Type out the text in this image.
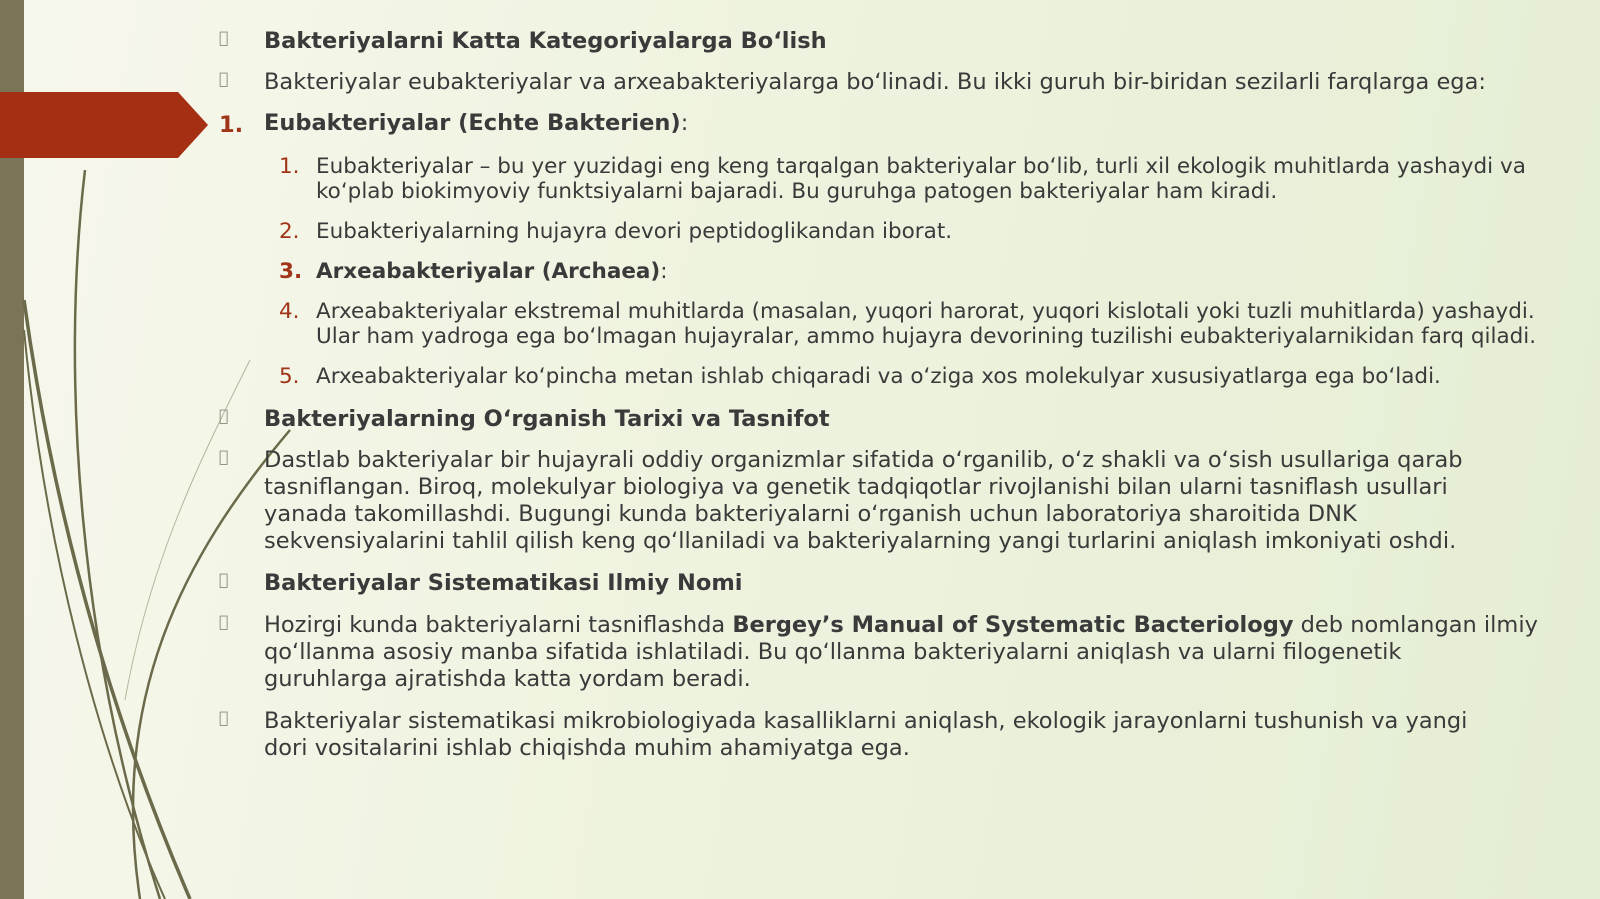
Bakteriyalarni Katta Kategoriyalarga Boʻlish
Bakteriyalar eubakteriyalar va arxeabakteriyalarga boʻlinadi. Bu ikki guruh bir-biridan sezilarli farqlarga ega:
1. Eubakteriyalar (Echte Bakterien):
1. Eubakteriyalar – bu yer yuzidagi eng keng tarqalgan bakteriyalar boʻlib, turli xil ekologik muhitlarda yashaydi va
koʻplab biokimyoviy funktsiyalarni bajaradi. Bu guruhga patogen bakteriyalar ham kiradi.
2. Eubakteriyalarning hujayra devori peptidoglikandan iborat.
3. Arxeabakteriyalar (Archaea):
4. Arxeabakteriyalar ekstremal muhitlarda (masalan, yuqori harorat, yuqori kislotali yoki tuzli muhitlarda) yashaydi.
Ular ham yadroga ega boʻlmagan hujayralar, ammo hujayra devorining tuzilishi eubakteriyalarnikidan farq qiladi.
5. Arxeabakteriyalar koʻpincha metan ishlab chiqaradi va oʻziga xos molekulyar xususiyatlarga ega boʻladi.
Bakteriyalarning Oʻrganish Tarixi va Tasnifot
Dastlab bakteriyalar bir hujayrali oddiy organizmlar sifatida oʻrganilib, oʻz shakli va oʻsish usullariga qarab
tasniflangan. Biroq, molekulyar biologiya va genetik tadqiqotlar rivojlanishi bilan ularni tasniflash usullari
yanada takomillashdi. Bugungi kunda bakteriyalarni oʻrganish uchun laboratoriya sharoitida DNK
sekvensiyalarini tahlil qilish keng qoʻllaniladi va bakteriyalarning yangi turlarini aniqlash imkoniyati oshdi.
Bakteriyalar Sistematikasi Ilmiy Nomi
Hozirgi kunda bakteriyalarni tasniflashda Bergey’s Manual of Systematic Bacteriology deb nomlangan ilmiy
qoʻllanma asosiy manba sifatida ishlatiladi. Bu qoʻllanma bakteriyalarni aniqlash va ularni filogenetik
guruhlarga ajratishda katta yordam beradi.
Bakteriyalar sistematikasi mikrobiologiyada kasalliklarni aniqlash, ekologik jarayonlarni tushunish va yangi
dori vositalarini ishlab chiqishda muhim ahamiyatga ega.
